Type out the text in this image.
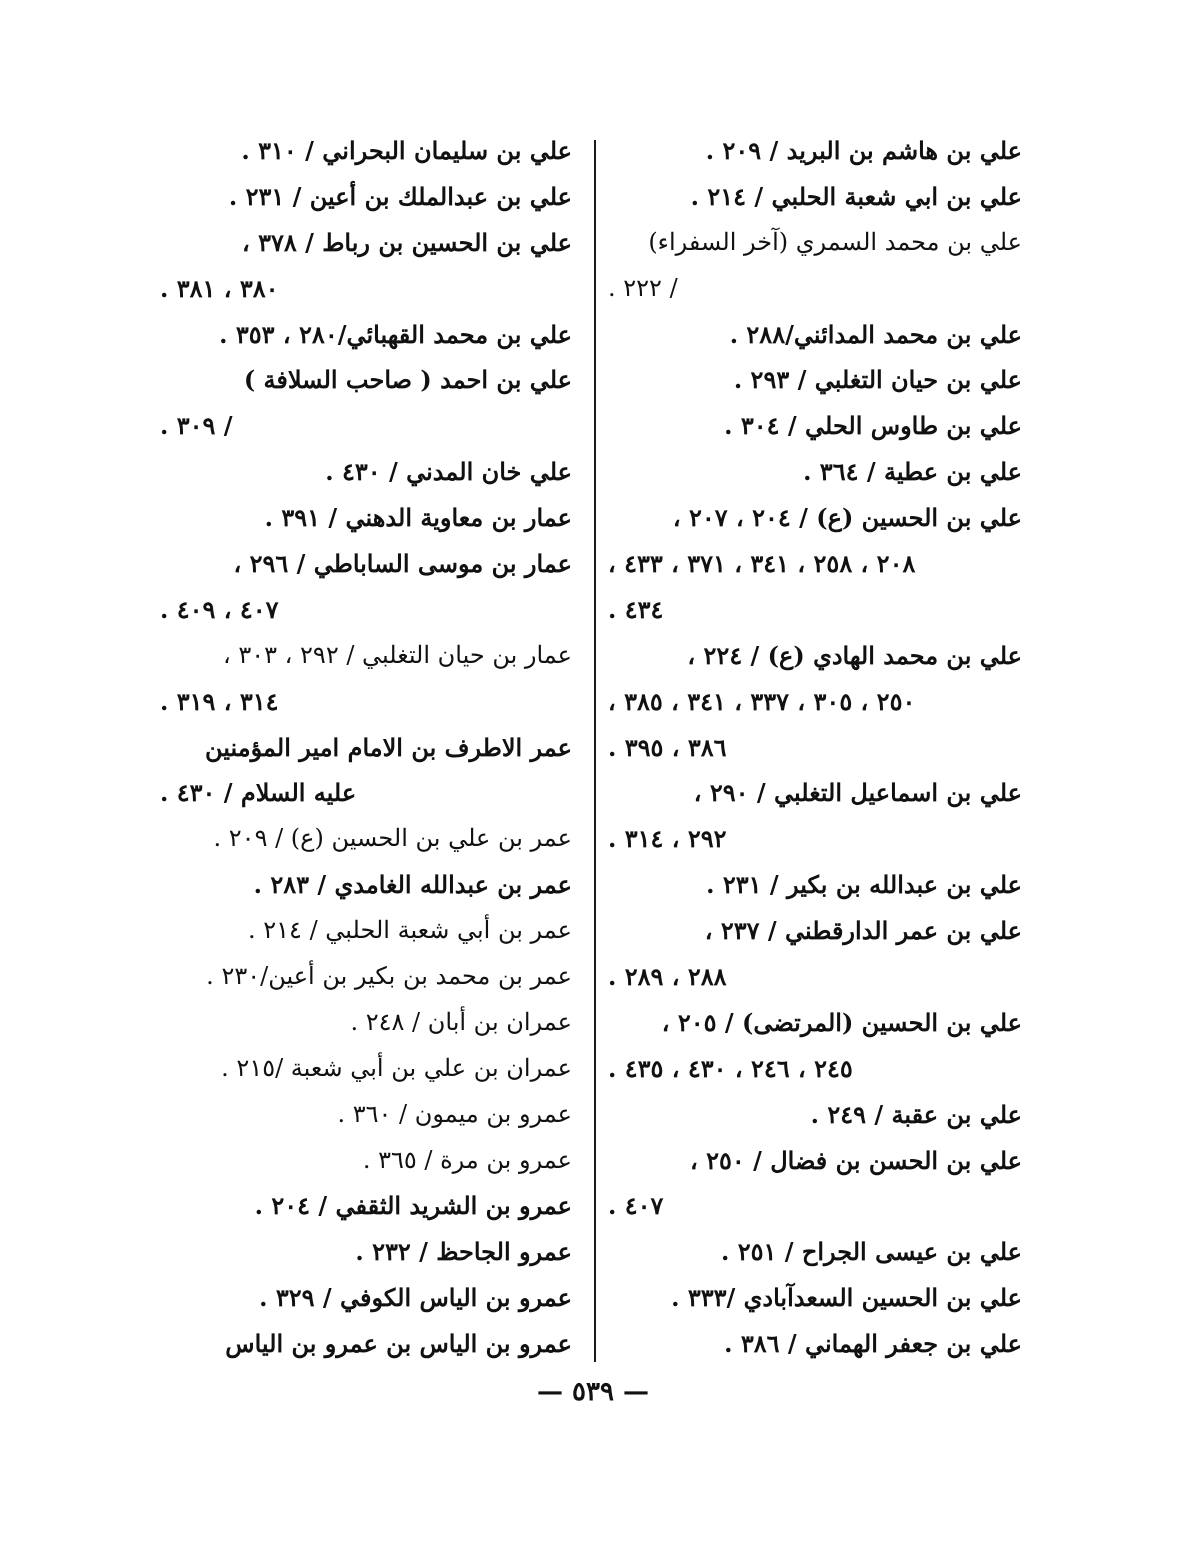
علي بن هاشم بن البريد / ٢٠٩ .
علي بن ابي شعبة الحلبي / ٢١٤ .
علي بن محمد السمري (آخر السفراء)
/ ٢٢٢ .
علي بن محمد المدائني/٢٨٨ .
علي بن حيان التغلبي / ٢٩٣ .
علي بن طاوس الحلي / ٣٠٤ .
علي بن عطية / ٣٦٤ .
علي بن الحسين (ع) / ٢٠٤ ، ٢٠٧ ،
٢٠٨ ، ٢٥٨ ، ٣٤١ ، ٣٧١ ، ٤٣٣ ،
٤٣٤ .
علي بن محمد الهادي (ع) / ٢٢٤ ،
٢٥٠ ، ٣٠٥ ، ٣٣٧ ، ٣٤١ ، ٣٨٥ ،
٣٨٦ ، ٣٩٥ .
علي بن اسماعيل التغلبي / ٢٩٠ ،
٢٩٢ ، ٣١٤ .
علي بن عبدالله بن بكير / ٢٣١ .
علي بن عمر الدارقطني / ٢٣٧ ،
٢٨٨ ، ٢٨٩ .
علي بن الحسين (المرتضى) / ٢٠٥ ،
٢٤٥ ، ٢٤٦ ، ٤٣٠ ، ٤٣٥ .
علي بن عقبة / ٢٤٩ .
علي بن الحسن بن فضال / ٢٥٠ ،
٤٠٧ .
علي بن عيسى الجراح / ٢٥١ .
علي بن الحسين السعدآبادي /٣٣٣ .
علي بن جعفر الهماني / ٣٨٦ .
علي بن سليمان البحراني / ٣١٠ .
علي بن عبدالملك بن أعين / ٢٣١ .
علي بن الحسين بن رباط / ٣٧٨ ،
٣٨٠ ، ٣٨١ .
علي بن محمد القهبائي/٢٨٠ ، ٣٥٣ .
علي بن احمد ( صاحب السلافة )
/ ٣٠٩ .
علي خان المدني / ٤٣٠ .
عمار بن معاوية الدهني / ٣٩١ .
عمار بن موسى الساباطي / ٢٩٦ ،
٤٠٧ ، ٤٠٩ .
عمار بن حيان التغلبي / ٢٩٢ ، ٣٠٣ ،
٣١٤ ، ٣١٩ .
عمر الاطرف بن الامام امير المؤمنين
عليه السلام / ٤٣٠ .
عمر بن علي بن الحسين (ع) / ٢٠٩ .
عمر بن عبدالله الغامدي / ٢٨٣ .
عمر بن أبي شعبة الحلبي / ٢١٤ .
عمر بن محمد بن بكير بن أعين/٢٣٠ .
عمران بن أبان / ٢٤٨ .
عمران بن علي بن أبي شعبة /٢١٥ .
عمرو بن ميمون / ٣٦٠ .
عمرو بن مرة / ٣٦٥ .
عمرو بن الشريد الثقفي / ٢٠٤ .
عمرو الجاحظ / ٢٣٢ .
عمرو بن الياس الكوفي / ٣٢٩ .
عمرو بن الياس بن عمرو بن الياس
— ٥٣٩ —
